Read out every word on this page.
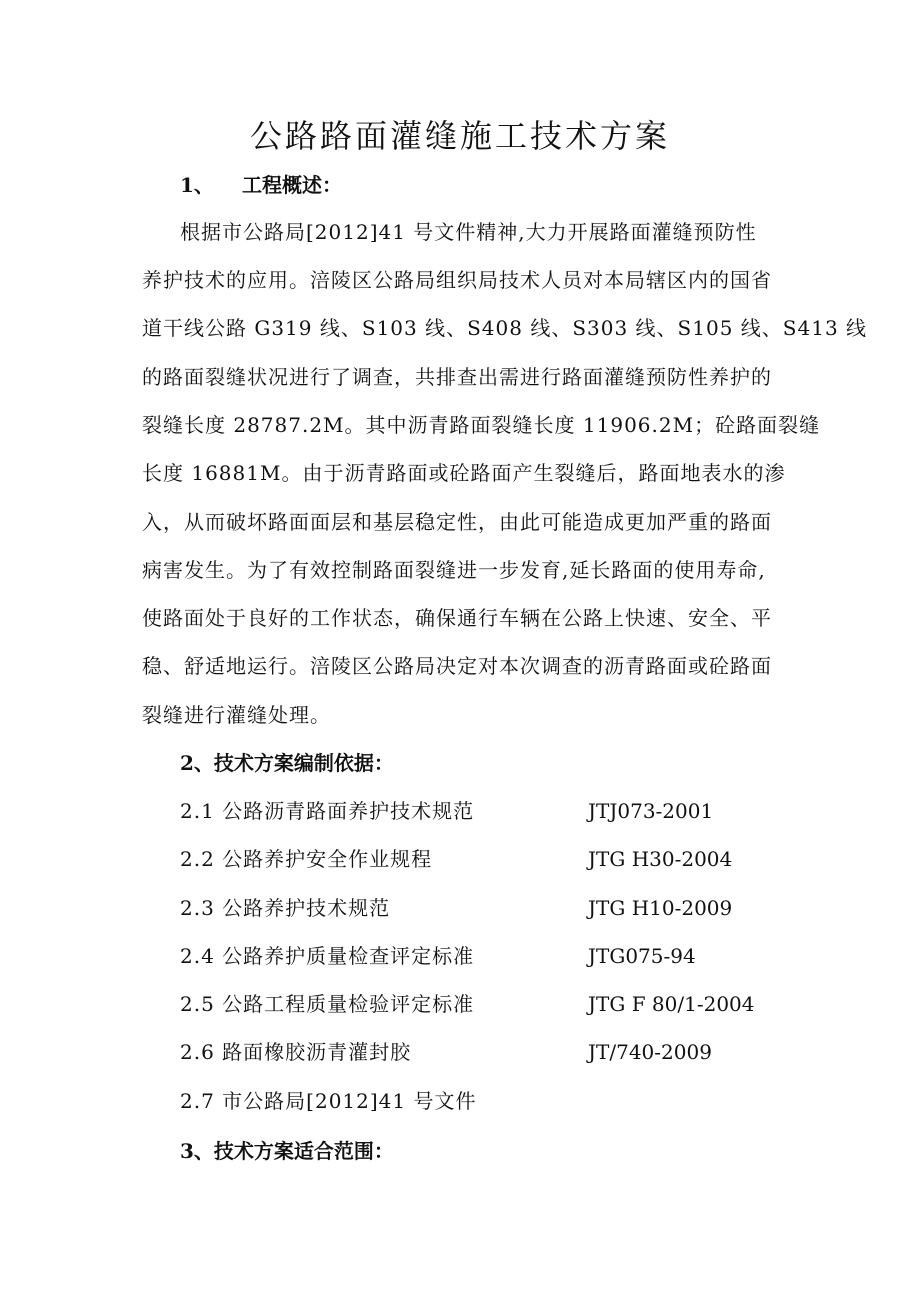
公路路面灌缝施工技术方案
1、 工程概述：
根据市公路局[2012]41 号文件精神,大力开展路面灌缝预防性
养护技术的应用。涪陵区公路局组织局技术人员对本局辖区内的国省
道干线公路 G319 线、S103 线、S408 线、S303 线、S105 线、S413 线
的路面裂缝状况进行了调查，共排查出需进行路面灌缝预防性养护的
裂缝长度 28787.2M。其中沥青路面裂缝长度 11906.2M；砼路面裂缝
长度 16881M。由于沥青路面或砼路面产生裂缝后，路面地表水的渗
入，从而破坏路面面层和基层稳定性，由此可能造成更加严重的路面
病害发生。为了有效控制路面裂缝进一步发育,延长路面的使用寿命,
使路面处于良好的工作状态，确保通行车辆在公路上快速、安全、平
稳、舒适地运行。涪陵区公路局决定对本次调查的沥青路面或砼路面
裂缝进行灌缝处理。
2、技术方案编制依据：
2.1 公路沥青路面养护技术规范	JTJ073-2001
2.2 公路养护安全作业规程	JTG H30-2004
2.3 公路养护技术规范	JTG H10-2009
2.4 公路养护质量检查评定标准	JTG075-94
2.5 公路工程质量检验评定标准	JTG F 80/1-2004
2.6 路面橡胶沥青灌封胶	JT/740-2009
2.7 市公路局[2012]41 号文件
3、技术方案适合范围：
